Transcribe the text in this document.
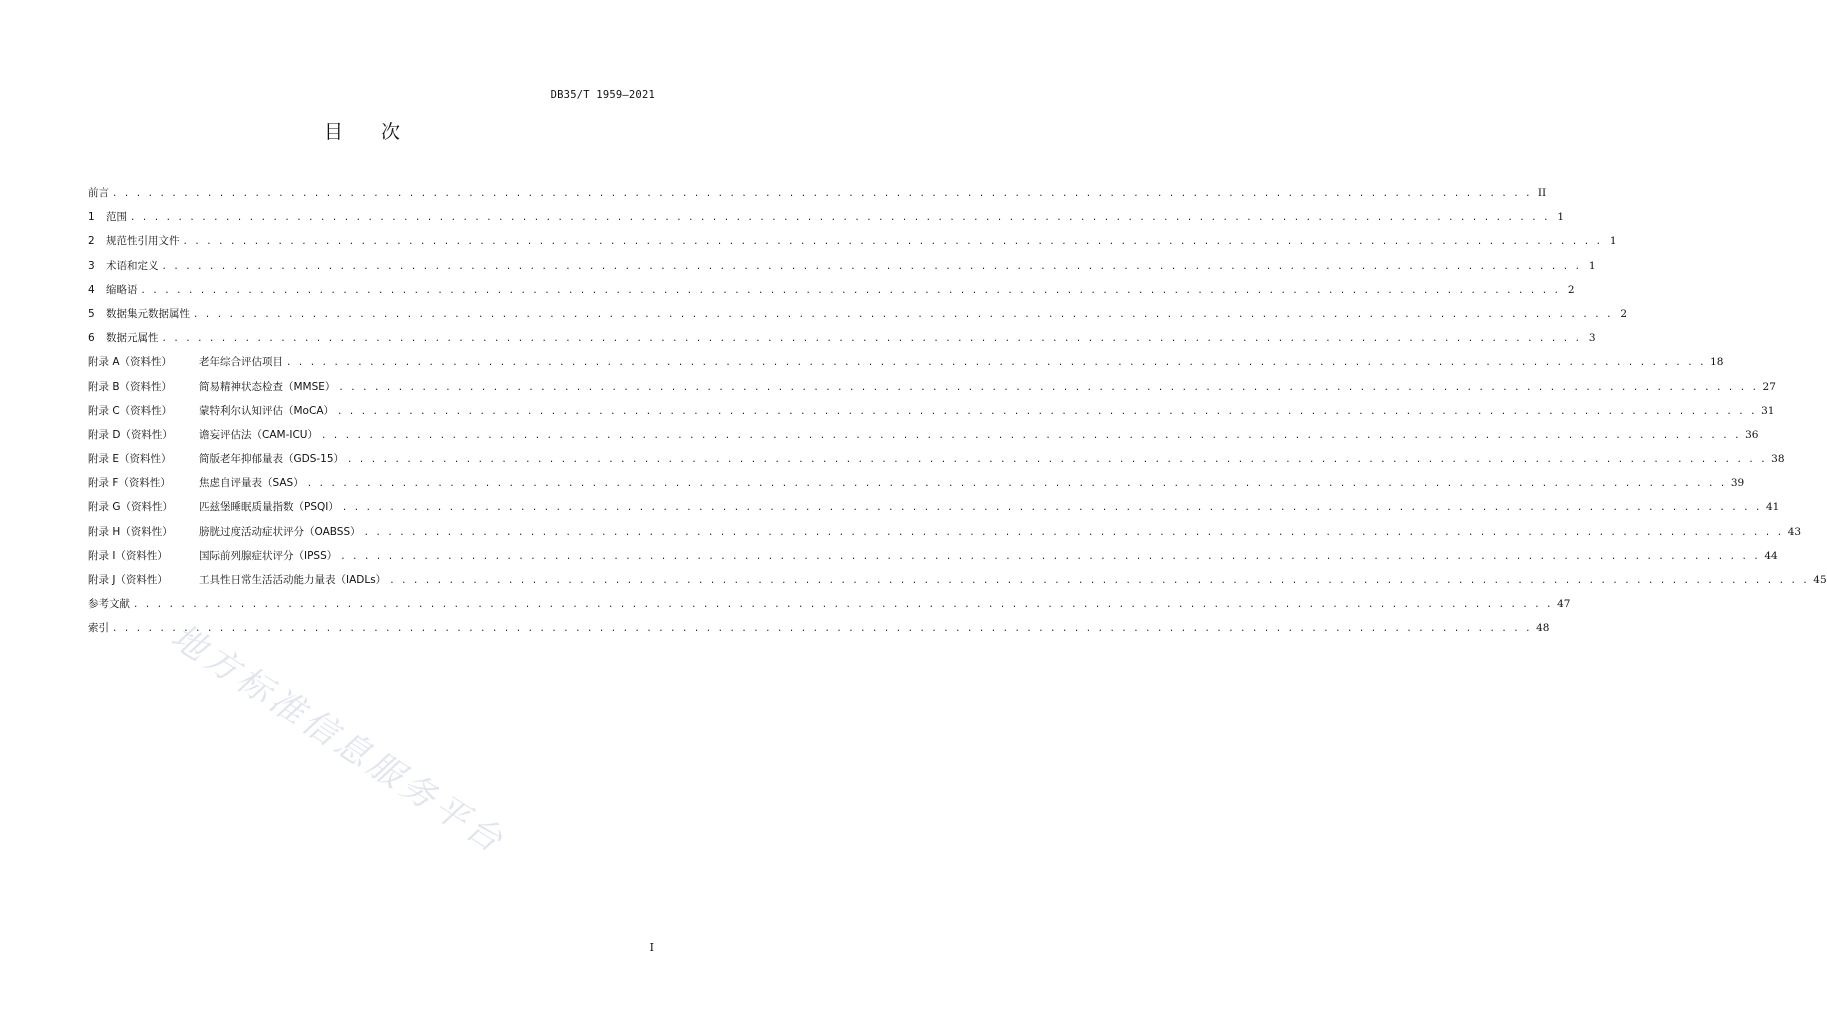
DB35/T 1959—2021
目 次
前言 . . . . . . . . . . . . . . . . . . . . . . . . . . . . . . . . . . . . . . . . . . . . . . . . . . . . . . . . . . . . . . . . . . . . . . . . . . . . . . . . . . . . . . . . . . . . . . . . . . . . . . . . . . . . . . . . . . . . . . . . II
1	范围 . . . . . . . . . . . . . . . . . . . . . . . . . . . . . . . . . . . . . . . . . . . . . . . . . . . . . . . . . . . . . . . . . . . . . . . . . . . . . . . . . . . . . . . . . . . . . . . . . . . . . . . . . . . . . . . . . . . . . . . . 1
2	规范性引用文件 . . . . . . . . . . . . . . . . . . . . . . . . . . . . . . . . . . . . . . . . . . . . . . . . . . . . . . . . . . . . . . . . . . . . . . . . . . . . . . . . . . . . . . . . . . . . . . . . . . . . . . . . . . . . . . . . . . . . . . . . 1
3	术语和定义 . . . . . . . . . . . . . . . . . . . . . . . . . . . . . . . . . . . . . . . . . . . . . . . . . . . . . . . . . . . . . . . . . . . . . . . . . . . . . . . . . . . . . . . . . . . . . . . . . . . . . . . . . . . . . . . . . . . . . . . . 1
4	缩略语 . . . . . . . . . . . . . . . . . . . . . . . . . . . . . . . . . . . . . . . . . . . . . . . . . . . . . . . . . . . . . . . . . . . . . . . . . . . . . . . . . . . . . . . . . . . . . . . . . . . . . . . . . . . . . . . . . . . . . . . . 2
5	数据集元数据属性 . . . . . . . . . . . . . . . . . . . . . . . . . . . . . . . . . . . . . . . . . . . . . . . . . . . . . . . . . . . . . . . . . . . . . . . . . . . . . . . . . . . . . . . . . . . . . . . . . . . . . . . . . . . . . . . . . . . . . . . . 2
6	数据元属性 . . . . . . . . . . . . . . . . . . . . . . . . . . . . . . . . . . . . . . . . . . . . . . . . . . . . . . . . . . . . . . . . . . . . . . . . . . . . . . . . . . . . . . . . . . . . . . . . . . . . . . . . . . . . . . . . . . . . . . . . 3
附录 A（资料性）	老年综合评估项目 . . . . . . . . . . . . . . . . . . . . . . . . . . . . . . . . . . . . . . . . . . . . . . . . . . . . . . . . . . . . . . . . . . . . . . . . . . . . . . . . . . . . . . . . . . . . . . . . . . . . . . . . . . . . . . . . . . . . . . . . 18
附录 B（资料性）	简易精神状态检查（MMSE） . . . . . . . . . . . . . . . . . . . . . . . . . . . . . . . . . . . . . . . . . . . . . . . . . . . . . . . . . . . . . . . . . . . . . . . . . . . . . . . . . . . . . . . . . . . . . . . . . . . . . . . . . . . . . . . . . . . . . . . . 27
附录 C（资料性）	蒙特利尔认知评估（MoCA） . . . . . . . . . . . . . . . . . . . . . . . . . . . . . . . . . . . . . . . . . . . . . . . . . . . . . . . . . . . . . . . . . . . . . . . . . . . . . . . . . . . . . . . . . . . . . . . . . . . . . . . . . . . . . . . . . . . . . . . . 31
附录 D（资料性）	谵妄评估法（CAM-ICU） . . . . . . . . . . . . . . . . . . . . . . . . . . . . . . . . . . . . . . . . . . . . . . . . . . . . . . . . . . . . . . . . . . . . . . . . . . . . . . . . . . . . . . . . . . . . . . . . . . . . . . . . . . . . . . . . . . . . . . . . 36
附录 E（资料性）	简版老年抑郁量表（GDS-15） . . . . . . . . . . . . . . . . . . . . . . . . . . . . . . . . . . . . . . . . . . . . . . . . . . . . . . . . . . . . . . . . . . . . . . . . . . . . . . . . . . . . . . . . . . . . . . . . . . . . . . . . . . . . . . . . . . . . . . . . 38
附录 F（资料性）	焦虑自评量表（SAS） . . . . . . . . . . . . . . . . . . . . . . . . . . . . . . . . . . . . . . . . . . . . . . . . . . . . . . . . . . . . . . . . . . . . . . . . . . . . . . . . . . . . . . . . . . . . . . . . . . . . . . . . . . . . . . . . . . . . . . . . 39
附录 G（资料性）	匹兹堡睡眠质量指数（PSQI） . . . . . . . . . . . . . . . . . . . . . . . . . . . . . . . . . . . . . . . . . . . . . . . . . . . . . . . . . . . . . . . . . . . . . . . . . . . . . . . . . . . . . . . . . . . . . . . . . . . . . . . . . . . . . . . . . . . . . . . . 41
附录 H（资料性）	膀胱过度活动症状评分（OABSS） . . . . . . . . . . . . . . . . . . . . . . . . . . . . . . . . . . . . . . . . . . . . . . . . . . . . . . . . . . . . . . . . . . . . . . . . . . . . . . . . . . . . . . . . . . . . . . . . . . . . . . . . . . . . . . . . . . . . . . . . 43
附录 I（资料性）	国际前列腺症状评分（IPSS） . . . . . . . . . . . . . . . . . . . . . . . . . . . . . . . . . . . . . . . . . . . . . . . . . . . . . . . . . . . . . . . . . . . . . . . . . . . . . . . . . . . . . . . . . . . . . . . . . . . . . . . . . . . . . . . . . . . . . . . . 44
附录 J（资料性）	工具性日常生活活动能力量表（IADLs） . . . . . . . . . . . . . . . . . . . . . . . . . . . . . . . . . . . . . . . . . . . . . . . . . . . . . . . . . . . . . . . . . . . . . . . . . . . . . . . . . . . . . . . . . . . . . . . . . . . . . . . . . . . . . . . . . . . . . . . . 45
参考文献 . . . . . . . . . . . . . . . . . . . . . . . . . . . . . . . . . . . . . . . . . . . . . . . . . . . . . . . . . . . . . . . . . . . . . . . . . . . . . . . . . . . . . . . . . . . . . . . . . . . . . . . . . . . . . . . . . . . . . . . . 47
索引 . . . . . . . . . . . . . . . . . . . . . . . . . . . . . . . . . . . . . . . . . . . . . . . . . . . . . . . . . . . . . . . . . . . . . . . . . . . . . . . . . . . . . . . . . . . . . . . . . . . . . . . . . . . . . . . . . . . . . . . . 48
地方标准信息服务平台
I
